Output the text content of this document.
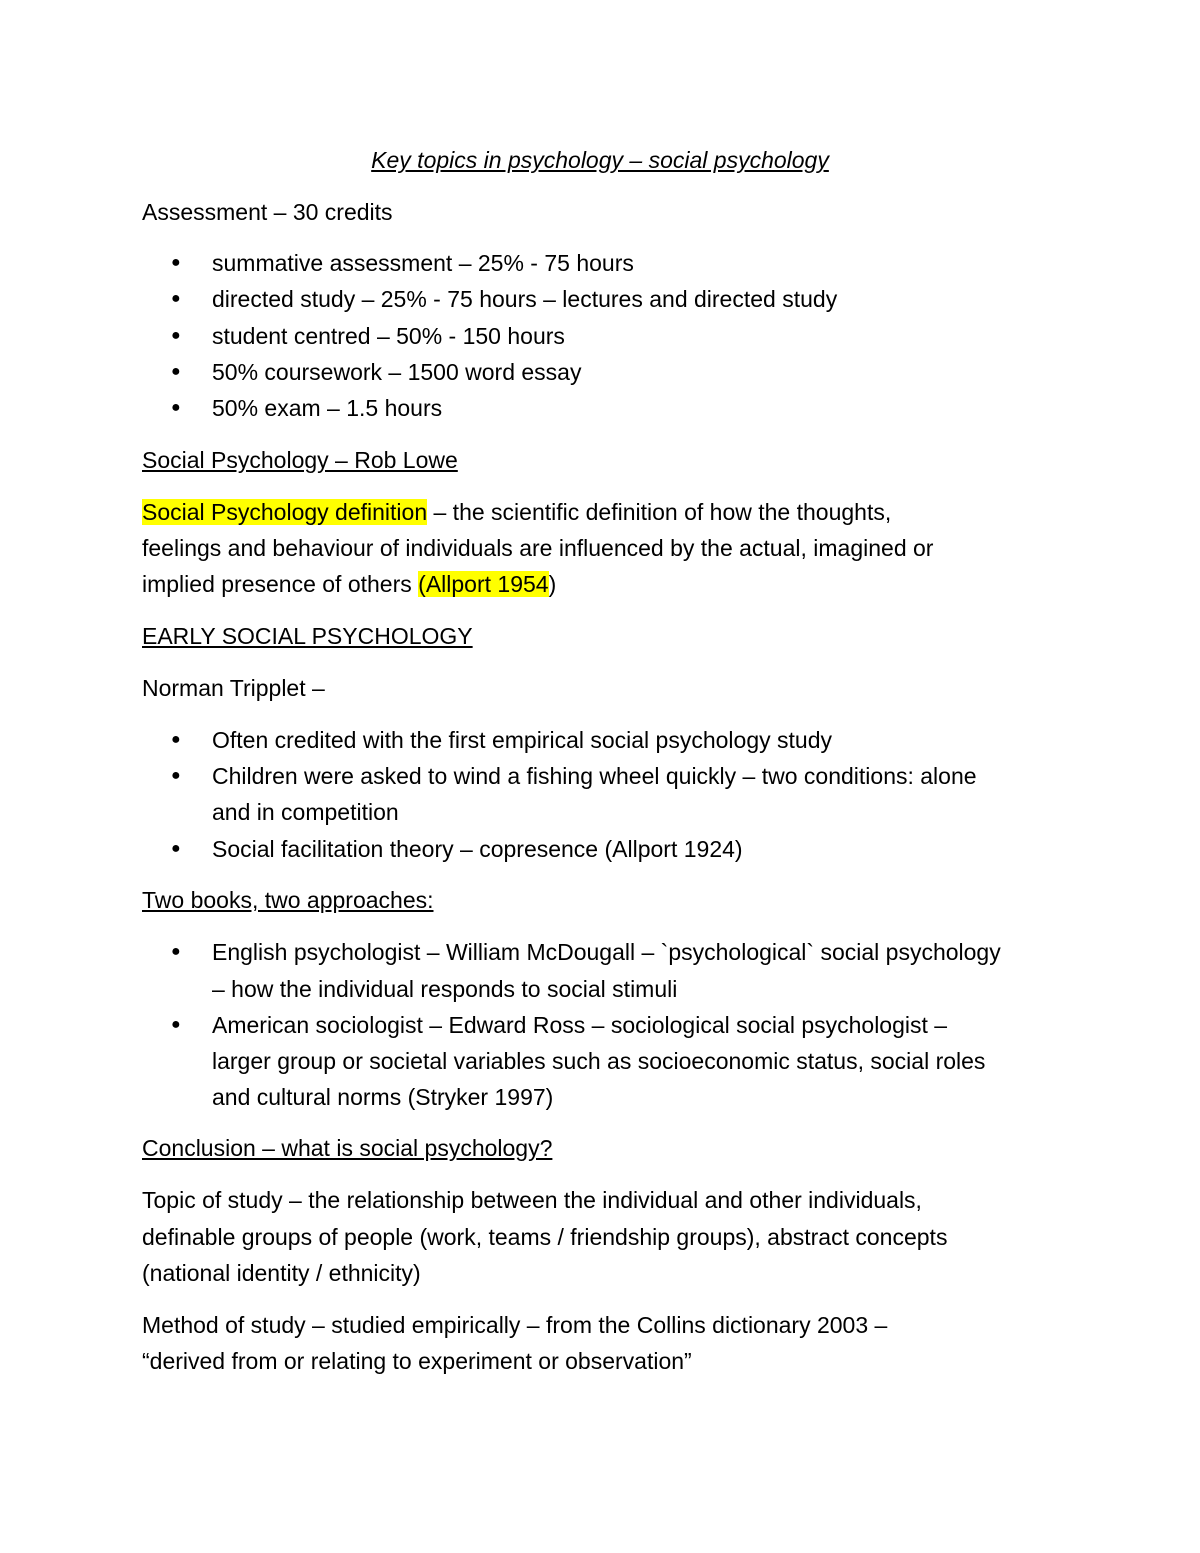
Key topics in psychology – social psychology
Assessment – 30 credits
● summative assessment – 25% - 75 hours
● directed study – 25% - 75 hours – lectures and directed study
● student centred – 50% - 150 hours
● 50% coursework – 1500 word essay
● 50% exam – 1.5 hours
Social Psychology – Rob Lowe
Social Psychology definition – the scientific definition of how the thoughts,
feelings and behaviour of individuals are influenced by the actual, imagined or
implied presence of others (Allport 1954)
EARLY SOCIAL PSYCHOLOGY
Norman Tripplet –
● Often credited with the first empirical social psychology study
● Children were asked to wind a fishing wheel quickly – two conditions: alone
and in competition
● Social facilitation theory – copresence (Allport 1924)
Two books, two approaches:
● English psychologist – William McDougall – `psychological` social psychology
– how the individual responds to social stimuli
● American sociologist – Edward Ross – sociological social psychologist –
larger group or societal variables such as socioeconomic status, social roles
and cultural norms (Stryker 1997)
Conclusion – what is social psychology?
Topic of study – the relationship between the individual and other individuals,
definable groups of people (work, teams / friendship groups), abstract concepts
(national identity / ethnicity)
Method of study – studied empirically – from the Collins dictionary 2003 –
“derived from or relating to experiment or observation”
